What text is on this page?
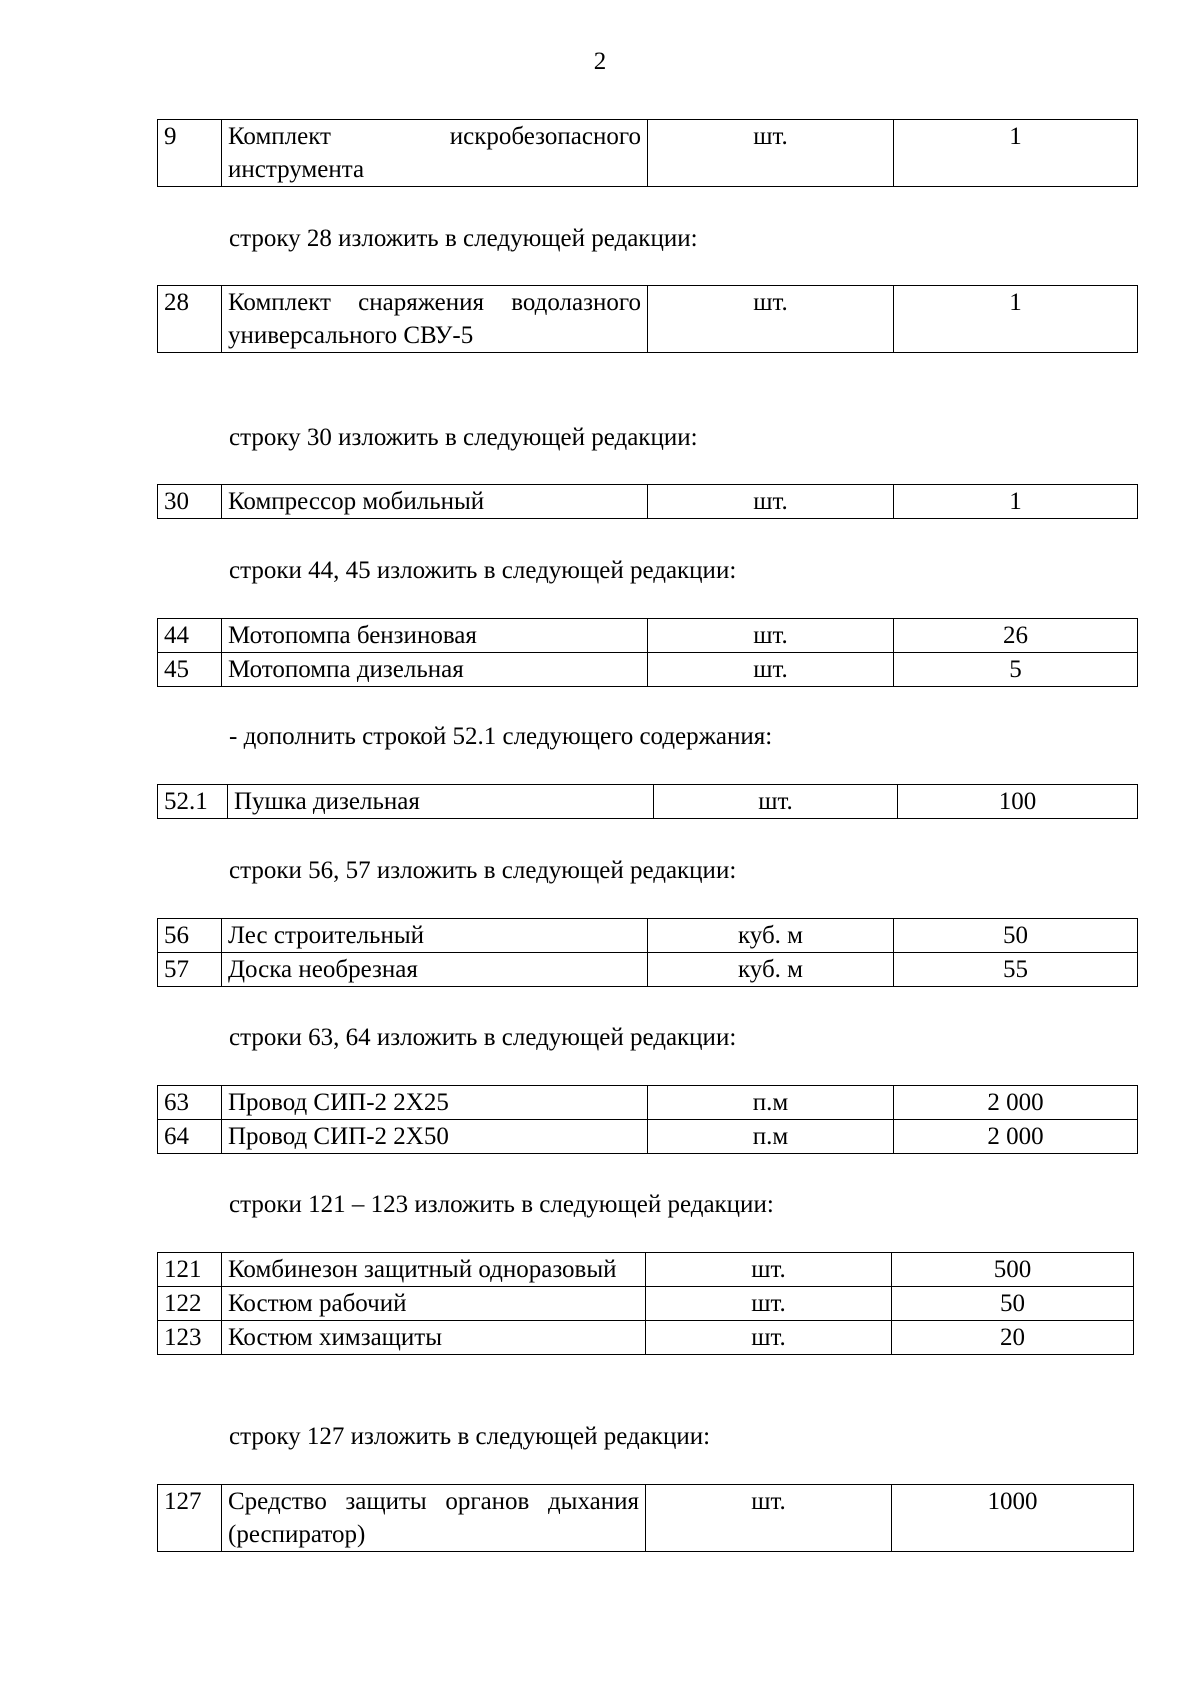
2
9	Комплект искробезопасного инструмента	шт.	1
строку 28 изложить в следующей редакции:
28	Комплект снаряжения водолазного универсального СВУ-5	шт.	1
строку 30 изложить в следующей редакции:
30	Компрессор мобильный	шт.	1
строки 44, 45 изложить в следующей редакции:
44	Мотопомпа бензиновая	шт.	26
45	Мотопомпа дизельная	шт.	5
- дополнить строкой 52.1 следующего содержания:
52.1	Пушка дизельная	шт.	100
строки 56, 57 изложить в следующей редакции:
56	Лес строительный	куб. м	50
57	Доска необрезная	куб. м	55
строки 63, 64 изложить в следующей редакции:
63	Провод СИП-2 2Х25	п.м	2 000
64	Провод СИП-2 2Х50	п.м	2 000
строки 121 – 123 изложить в следующей редакции:
121	Комбинезон защитный одноразовый	шт.	500
122	Костюм рабочий	шт.	50
123	Костюм химзащиты	шт.	20
строку 127 изложить в следующей редакции:
127	Средство защиты органов дыхания (респиратор)	шт.	1000
